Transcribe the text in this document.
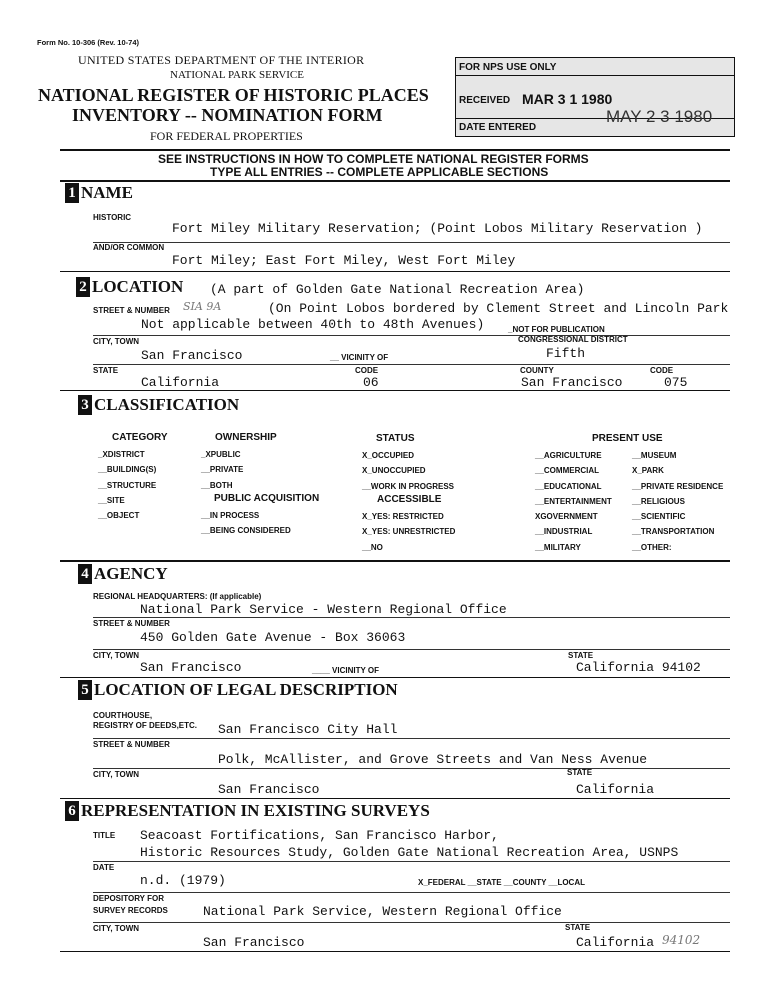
Form No. 10-306 (Rev. 10-74)
UNITED STATES DEPARTMENT OF THE INTERIOR
NATIONAL PARK SERVICE
NATIONAL REGISTER OF HISTORIC PLACES
INVENTORY -- NOMINATION FORM
FOR FEDERAL PROPERTIES
FOR NPS USE ONLY
RECEIVED MAR 3 1 1980
DATE ENTERED
MAY 2 3 1980
SEE INSTRUCTIONS IN HOW TO COMPLETE NATIONAL REGISTER FORMS
TYPE ALL ENTRIES -- COMPLETE APPLICABLE SECTIONS
1 NAME
HISTORIC
Fort Miley Military Reservation; (Point Lobos Military Reservation )
AND/OR COMMON
Fort Miley; East Fort Miley, West Fort Miley
2 LOCATION (A part of Golden Gate National Recreation Area)
STREET & NUMBER SIA 9A	(On Point Lobos bordered by Clement Street and Lincoln Park
Not applicable between 40th to 48th Avenues)	_NOT FOR PUBLICATION
CITY, TOWN	CONGRESSIONAL DISTRICT
San Francisco	__ VICINITY OF	Fifth
STATE	CODE	COUNTY	CODE
California	06	San Francisco	075
3 CLASSIFICATION
CATEGORY
_XDISTRICT
__BUILDING(S)
__STRUCTURE
__SITE
__OBJECT
OWNERSHIP
_XPUBLIC
__PRIVATE
__BOTH
PUBLIC ACQUISITION
__IN PROCESS
__BEING CONSIDERED
STATUS
X_OCCUPIED
X_UNOCCUPIED
__WORK IN PROGRESS
ACCESSIBLE
X_YES: RESTRICTED
X_YES: UNRESTRICTED
__NO
PRESENT USE
__AGRICULTURE
__COMMERCIAL
__EDUCATIONAL
__ENTERTAINMENT
XGOVERNMENT
__INDUSTRIAL
__MILITARY
__MUSEUM
X_PARK
__PRIVATE RESIDENCE
__RELIGIOUS
__SCIENTIFIC
__TRANSPORTATION
__OTHER:
4 AGENCY
REGIONAL HEADQUARTERS: (If applicable)
National Park Service - Western Regional Office
STREET & NUMBER
450 Golden Gate Avenue - Box 36063
CITY, TOWN	STATE
San Francisco	____ VICINITY OF	California 94102
5 LOCATION OF LEGAL DESCRIPTION
COURTHOUSE,
REGISTRY OF DEEDS,ETC. San Francisco City Hall
STREET & NUMBER
Polk, McAllister, and Grove Streets and Van Ness Avenue
CITY, TOWN	STATE
San Francisco	California
6 REPRESENTATION IN EXISTING SURVEYS
TITLE Seacoast Fortifications, San Francisco Harbor,
Historic Resources Study, Golden Gate National Recreation Area, USNPS
DATE
n.d. (1979)	X_FEDERAL __STATE __COUNTY __LOCAL
DEPOSITORY FOR
SURVEY RECORDS	National Park Service, Western Regional Office
CITY, TOWN	STATE
San Francisco	California 94102
